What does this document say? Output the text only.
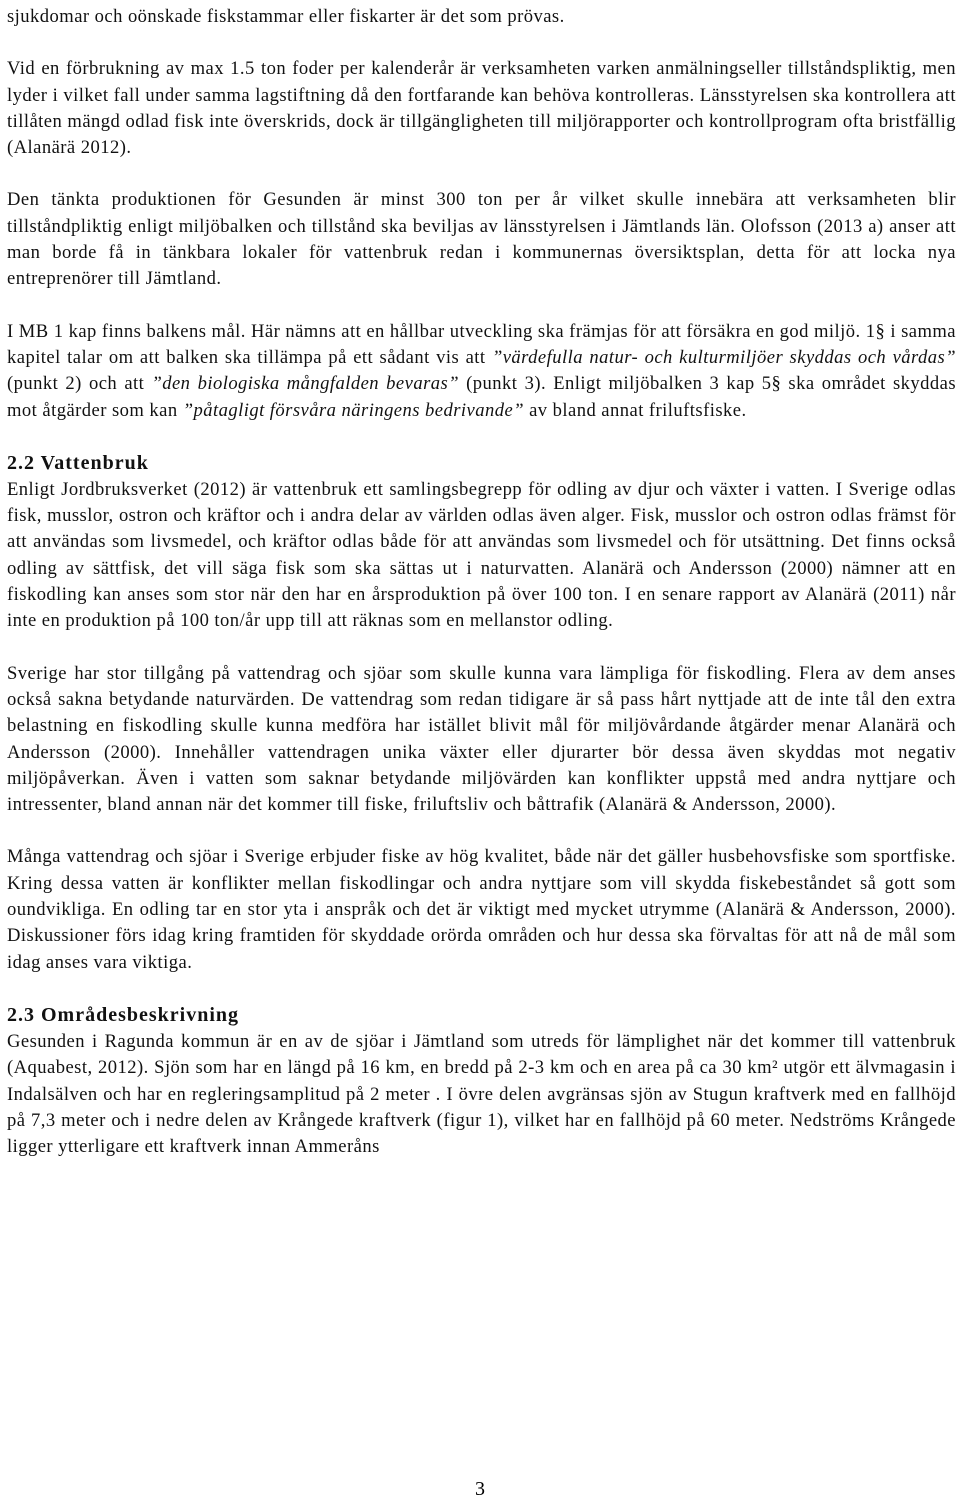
sjukdomar och oönskade fiskstammar eller fiskarter är det som prövas.

Vid en förbrukning av max 1.5 ton foder per kalenderår är verksamheten varken anmälningseller tillståndspliktig, men lyder i vilket fall under samma lagstiftning då den fortfarande kan behöva kontrolleras. Länsstyrelsen ska kontrollera att tillåten mängd odlad fisk inte överskrids, dock är tillgängligheten till miljörapporter och kontrollprogram ofta bristfällig (Alanärä 2012).

Den tänkta produktionen för Gesunden är minst 300 ton per år vilket skulle innebära att verksamheten blir tillståndpliktig enligt miljöbalken och tillstånd ska beviljas av länsstyrelsen i Jämtlands län. Olofsson (2013 a) anser att man borde få in tänkbara lokaler för vattenbruk redan i kommunernas översiktsplan, detta för att locka nya entreprenörer till Jämtland.

I MB 1 kap finns balkens mål. Här nämns att en hållbar utveckling ska främjas för att försäkra en god miljö. 1§ i samma kapitel talar om att balken ska tillämpa på ett sådant vis att ”värdefulla natur- och kulturmiljöer skyddas och vårdas” (punkt 2) och att ”den biologiska mångfalden bevaras” (punkt 3). Enligt miljöbalken 3 kap 5§ ska området skyddas mot åtgärder som kan ”påtagligt försvåra näringens bedrivande” av bland annat friluftsfiske.

2.2 Vattenbruk

Enligt Jordbruksverket (2012) är vattenbruk ett samlingsbegrepp för odling av djur och växter i vatten. I Sverige odlas fisk, musslor, ostron och kräftor och i andra delar av världen odlas även alger. Fisk, musslor och ostron odlas främst för att användas som livsmedel, och kräftor odlas både för att användas som livsmedel och för utsättning. Det finns också odling av sättfisk, det vill säga fisk som ska sättas ut i naturvatten. Alanärä och Andersson (2000) nämner att en fiskodling kan anses som stor när den har en årsproduktion på över 100 ton. I en senare rapport av Alanärä (2011) når inte en produktion på 100 ton/år upp till att räknas som en mellanstor odling.

Sverige har stor tillgång på vattendrag och sjöar som skulle kunna vara lämpliga för fiskodling. Flera av dem anses också sakna betydande naturvärden. De vattendrag som redan tidigare är så pass hårt nyttjade att de inte tål den extra belastning en fiskodling skulle kunna medföra har istället blivit mål för miljövårdande åtgärder menar Alanärä och Andersson (2000). Innehåller vattendragen unika växter eller djurarter bör dessa även skyddas mot negativ miljöpåverkan. Även i vatten som saknar betydande miljövärden kan konflikter uppstå med andra nyttjare och intressenter, bland annan när det kommer till fiske, friluftsliv och båttrafik (Alanärä & Andersson, 2000).

Många vattendrag och sjöar i Sverige erbjuder fiske av hög kvalitet, både när det gäller husbehovsfiske som sportfiske. Kring dessa vatten är konflikter mellan fiskodlingar och andra nyttjare som vill skydda fiskebeståndet så gott som oundvikliga. En odling tar en stor yta i anspråk och det är viktigt med mycket utrymme (Alanärä & Andersson, 2000). Diskussioner förs idag kring framtiden för skyddade orörda områden och hur dessa ska förvaltas för att nå de mål som idag anses vara viktiga.

2.3 Områdesbeskrivning

Gesunden i Ragunda kommun är en av de sjöar i Jämtland som utreds för lämplighet när det kommer till vattenbruk (Aquabest, 2012). Sjön som har en längd på 16 km, en bredd på 2-3 km och en area på ca 30 km² utgör ett älvmagasin i Indalsälven och har en regleringsamplitud på 2 meter . I övre delen avgränsas sjön av Stugun kraftverk med en fallhöjd på 7,3 meter och i nedre delen av Krångede kraftverk (figur 1), vilket har en fallhöjd på 60 meter. Nedströms Krångede ligger ytterligare ett kraftverk innan Ammeråns

3
